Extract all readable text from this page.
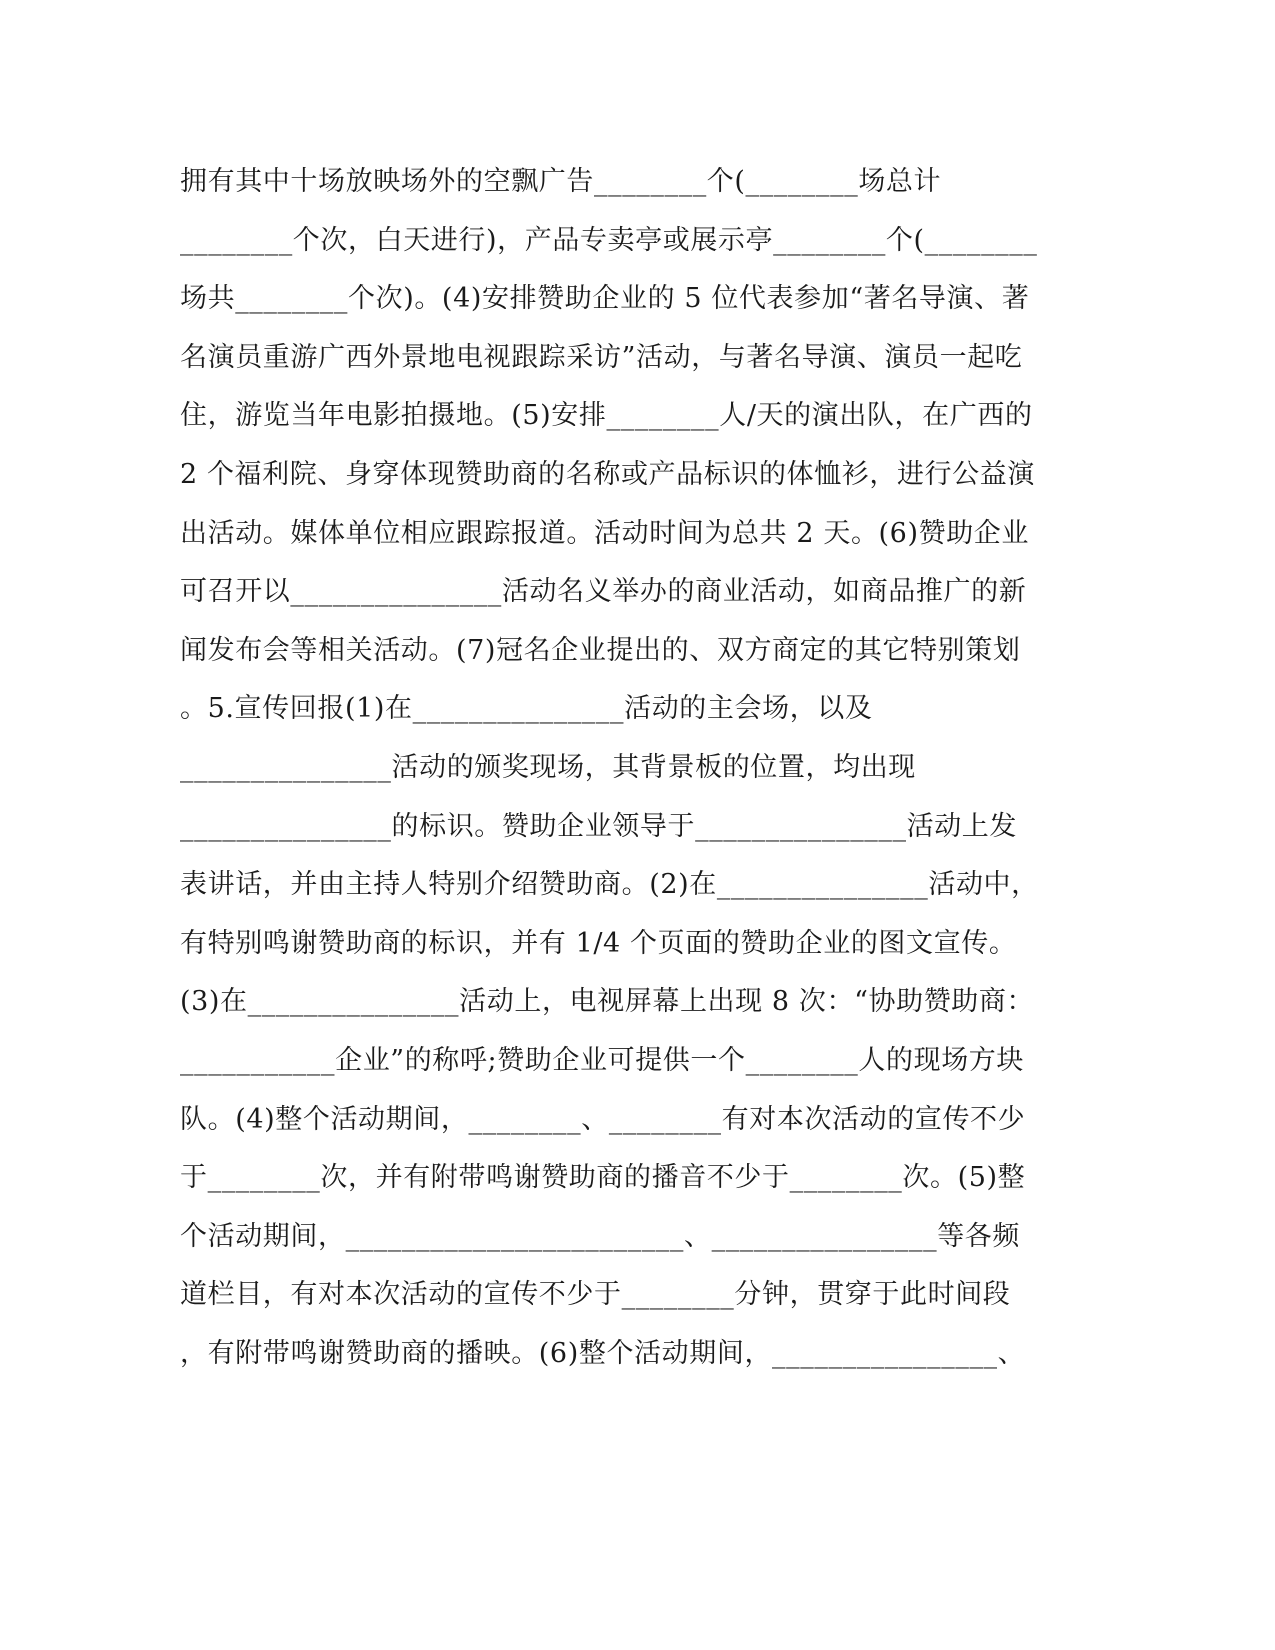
拥有其中十场放映场外的空飘广告________个(________场总计
________个次，白天进行)，产品专卖亭或展示亭________个(________
场共________个次)。(4)安排赞助企业的 5 位代表参加“著名导演、著
名演员重游广西外景地电视跟踪采访”活动，与著名导演、演员一起吃
住，游览当年电影拍摄地。(5)安排________人/天的演出队，在广西的
2 个福利院、身穿体现赞助商的名称或产品标识的体恤衫，进行公益演
出活动。媒体单位相应跟踪报道。活动时间为总共 2 天。(6)赞助企业
可召开以_______________活动名义举办的商业活动，如商品推广的新
闻发布会等相关活动。(7)冠名企业提出的、双方商定的其它特别策划
。5.宣传回报(1)在_______________活动的主会场，以及
_______________活动的颁奖现场，其背景板的位置，均出现
_______________的标识。赞助企业领导于_______________活动上发
表讲话，并由主持人特别介绍赞助商。(2)在_______________活动中，
有特别鸣谢赞助商的标识，并有 1/4 个页面的赞助企业的图文宣传。
(3)在_______________活动上，电视屏幕上出现 8 次：“协助赞助商：
___________企业”的称呼;赞助企业可提供一个________人的现场方块
队。(4)整个活动期间，________、________有对本次活动的宣传不少
于________次，并有附带鸣谢赞助商的播音不少于________次。(5)整
个活动期间，________________________、________________等各频
道栏目，有对本次活动的宣传不少于________分钟，贯穿于此时间段
，有附带鸣谢赞助商的播映。(6)整个活动期间，________________、
